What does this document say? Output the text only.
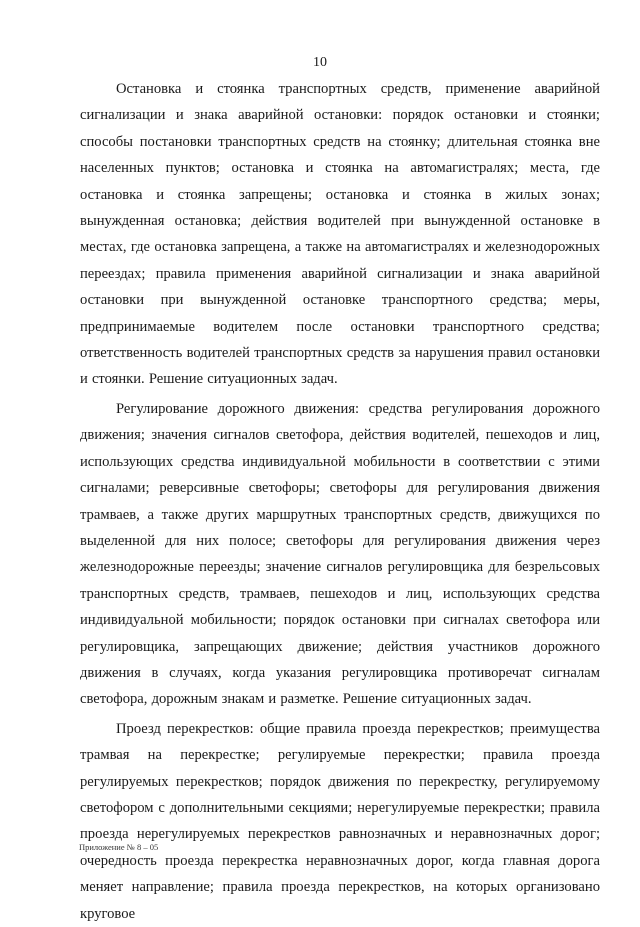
10

Остановка и стоянка транспортных средств, применение аварийной сигнализации и знака аварийной остановки: порядок остановки и стоянки; способы постановки транспортных средств на стоянку; длительная стоянка вне населенных пунктов; остановка и стоянка на автомагистралях; места, где остановка и стоянка запрещены; остановка и стоянка в жилых зонах; вынужденная остановка; действия водителей при вынужденной остановке в местах, где остановка запрещена, а также на автомагистралях и железнодорожных переездах; правила применения аварийной сигнализации и знака аварийной остановки при вынужденной остановке транспортного средства; меры, предпринимаемые водителем после остановки транспортного средства; ответственность водителей транспортных средств за нарушения правил остановки и стоянки. Решение ситуационных задач.

Регулирование дорожного движения: средства регулирования дорожного движения; значения сигналов светофора, действия водителей, пешеходов и лиц, использующих средства индивидуальной мобильности в соответствии с этими сигналами; реверсивные светофоры; светофоры для регулирования движения трамваев, а также других маршрутных транспортных средств, движущихся по выделенной для них полосе; светофоры для регулирования движения через железнодорожные переезды; значение сигналов регулировщика для безрельсовых транспортных средств, трамваев, пешеходов и лиц, использующих средства индивидуальной мобильности; порядок остановки при сигналах светофора или регулировщика, запрещающих движение; действия участников дорожного движения в случаях, когда указания регулировщика противоречат сигналам светофора, дорожным знакам и разметке. Решение ситуационных задач.

Проезд перекрестков: общие правила проезда перекрестков; преимущества трамвая на перекрестке; регулируемые перекрестки; правила проезда регулируемых перекрестков; порядок движения по перекрестку, регулируемому светофором с дополнительными секциями; нерегулируемые перекрестки; правила проезда нерегулируемых перекрестков равнозначных и неравнозначных дорог; очередность проезда перекрестка неравнозначных дорог, когда главная дорога меняет направление; правила проезда перекрестков, на которых организовано круговое

Приложение № 8 – 05
